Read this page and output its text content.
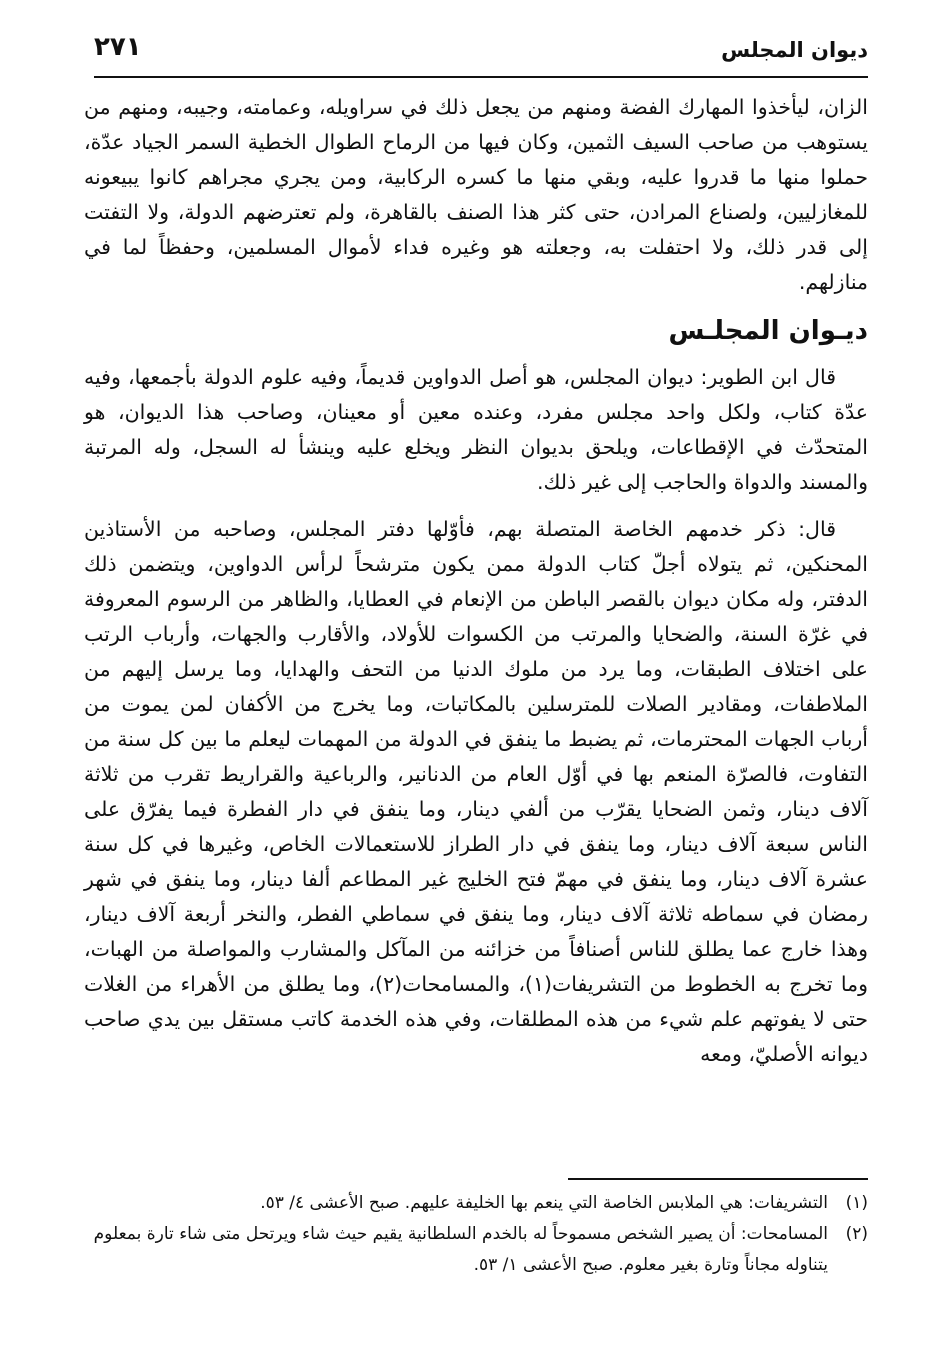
ديوان المجلس
٢٧١

الزان، ليأخذوا المهارك الفضة ومنهم من يجعل ذلك في سراويله، وعمامته، وجيبه، ومنهم من يستوهب من صاحب السيف الثمين، وكان فيها من الرماح الطوال الخطية السمر الجياد عدّة، حملوا منها ما قدروا عليه، وبقي منها ما كسره الركابية، ومن يجري مجراهم كانوا يبيعونه للمغازليين، ولصناع المرادن، حتى كثر هذا الصنف بالقاهرة، ولم تعترضهم الدولة، ولا التفتت إلى قدر ذلك، ولا احتفلت به، وجعلته هو وغيره فداء لأموال المسلمين، وحفظاً لما في منازلهم.

ديـوان المجلـس

قال ابن الطوير: ديوان المجلس، هو أصل الدواوين قديماً، وفيه علوم الدولة بأجمعها، وفيه عدّة كتاب، ولكل واحد مجلس مفرد، وعنده معين أو معينان، وصاحب هذا الديوان، هو المتحدّث في الإقطاعات، ويلحق بديوان النظر ويخلع عليه وينشأ له السجل، وله المرتبة والمسند والدواة والحاجب إلى غير ذلك.

قال: ذكر خدمهم الخاصة المتصلة بهم، فأوّلها دفتر المجلس، وصاحبه من الأستاذين المحنكين، ثم يتولاه أجلّ كتاب الدولة ممن يكون مترشحاً لرأس الدواوين، ويتضمن ذلك الدفتر، وله مكان ديوان بالقصر الباطن من الإنعام في العطايا، والظاهر من الرسوم المعروفة في غرّة السنة، والضحايا والمرتب من الكسوات للأولاد، والأقارب والجهات، وأرباب الرتب على اختلاف الطبقات، وما يرد من ملوك الدنيا من التحف والهدايا، وما يرسل إليهم من الملاطفات، ومقادير الصلات للمترسلين بالمكاتبات، وما يخرج من الأكفان لمن يموت من أرباب الجهات المحترمات، ثم يضبط ما ينفق في الدولة من المهمات ليعلم ما بين كل سنة من التفاوت، فالصرّة المنعم بها في أوّل العام من الدنانير، والرباعية والقراريط تقرب من ثلاثة آلاف دينار، وثمن الضحايا يقرّب من ألفي دينار، وما ينفق في دار الفطرة فيما يفرّق على الناس سبعة آلاف دينار، وما ينفق في دار الطراز للاستعمالات الخاص، وغيرها في كل سنة عشرة آلاف دينار، وما ينفق في مهمّ فتح الخليج غير المطاعم ألفا دينار، وما ينفق في شهر رمضان في سماطه ثلاثة آلاف دينار، وما ينفق في سماطي الفطر، والنخر أربعة آلاف دينار، وهذا خارج عما يطلق للناس أصنافاً من خزائنه من المآكل والمشارب والمواصلة من الهبات، وما تخرج به الخطوط من التشريفات(١)، والمسامحات(٢)، وما يطلق من الأهراء من الغلات حتى لا يفوتهم علم شيء من هذه المطلقات، وفي هذه الخدمة كاتب مستقل بين يدي صاحب ديوانه الأصليّ، ومعه

(١)
التشريفات: هي الملابس الخاصة التي ينعم بها الخليفة عليهم. صبح الأعشى ٤/ ٥٣.

(٢)
المسامحات: أن يصير الشخص مسموحاً له بالخدم السلطانية يقيم حيث شاء ويرتحل متى شاء تارة بمعلوم يتناوله مجاناً وتارة بغير معلوم. صبح الأعشى ١/ ٥٣.
